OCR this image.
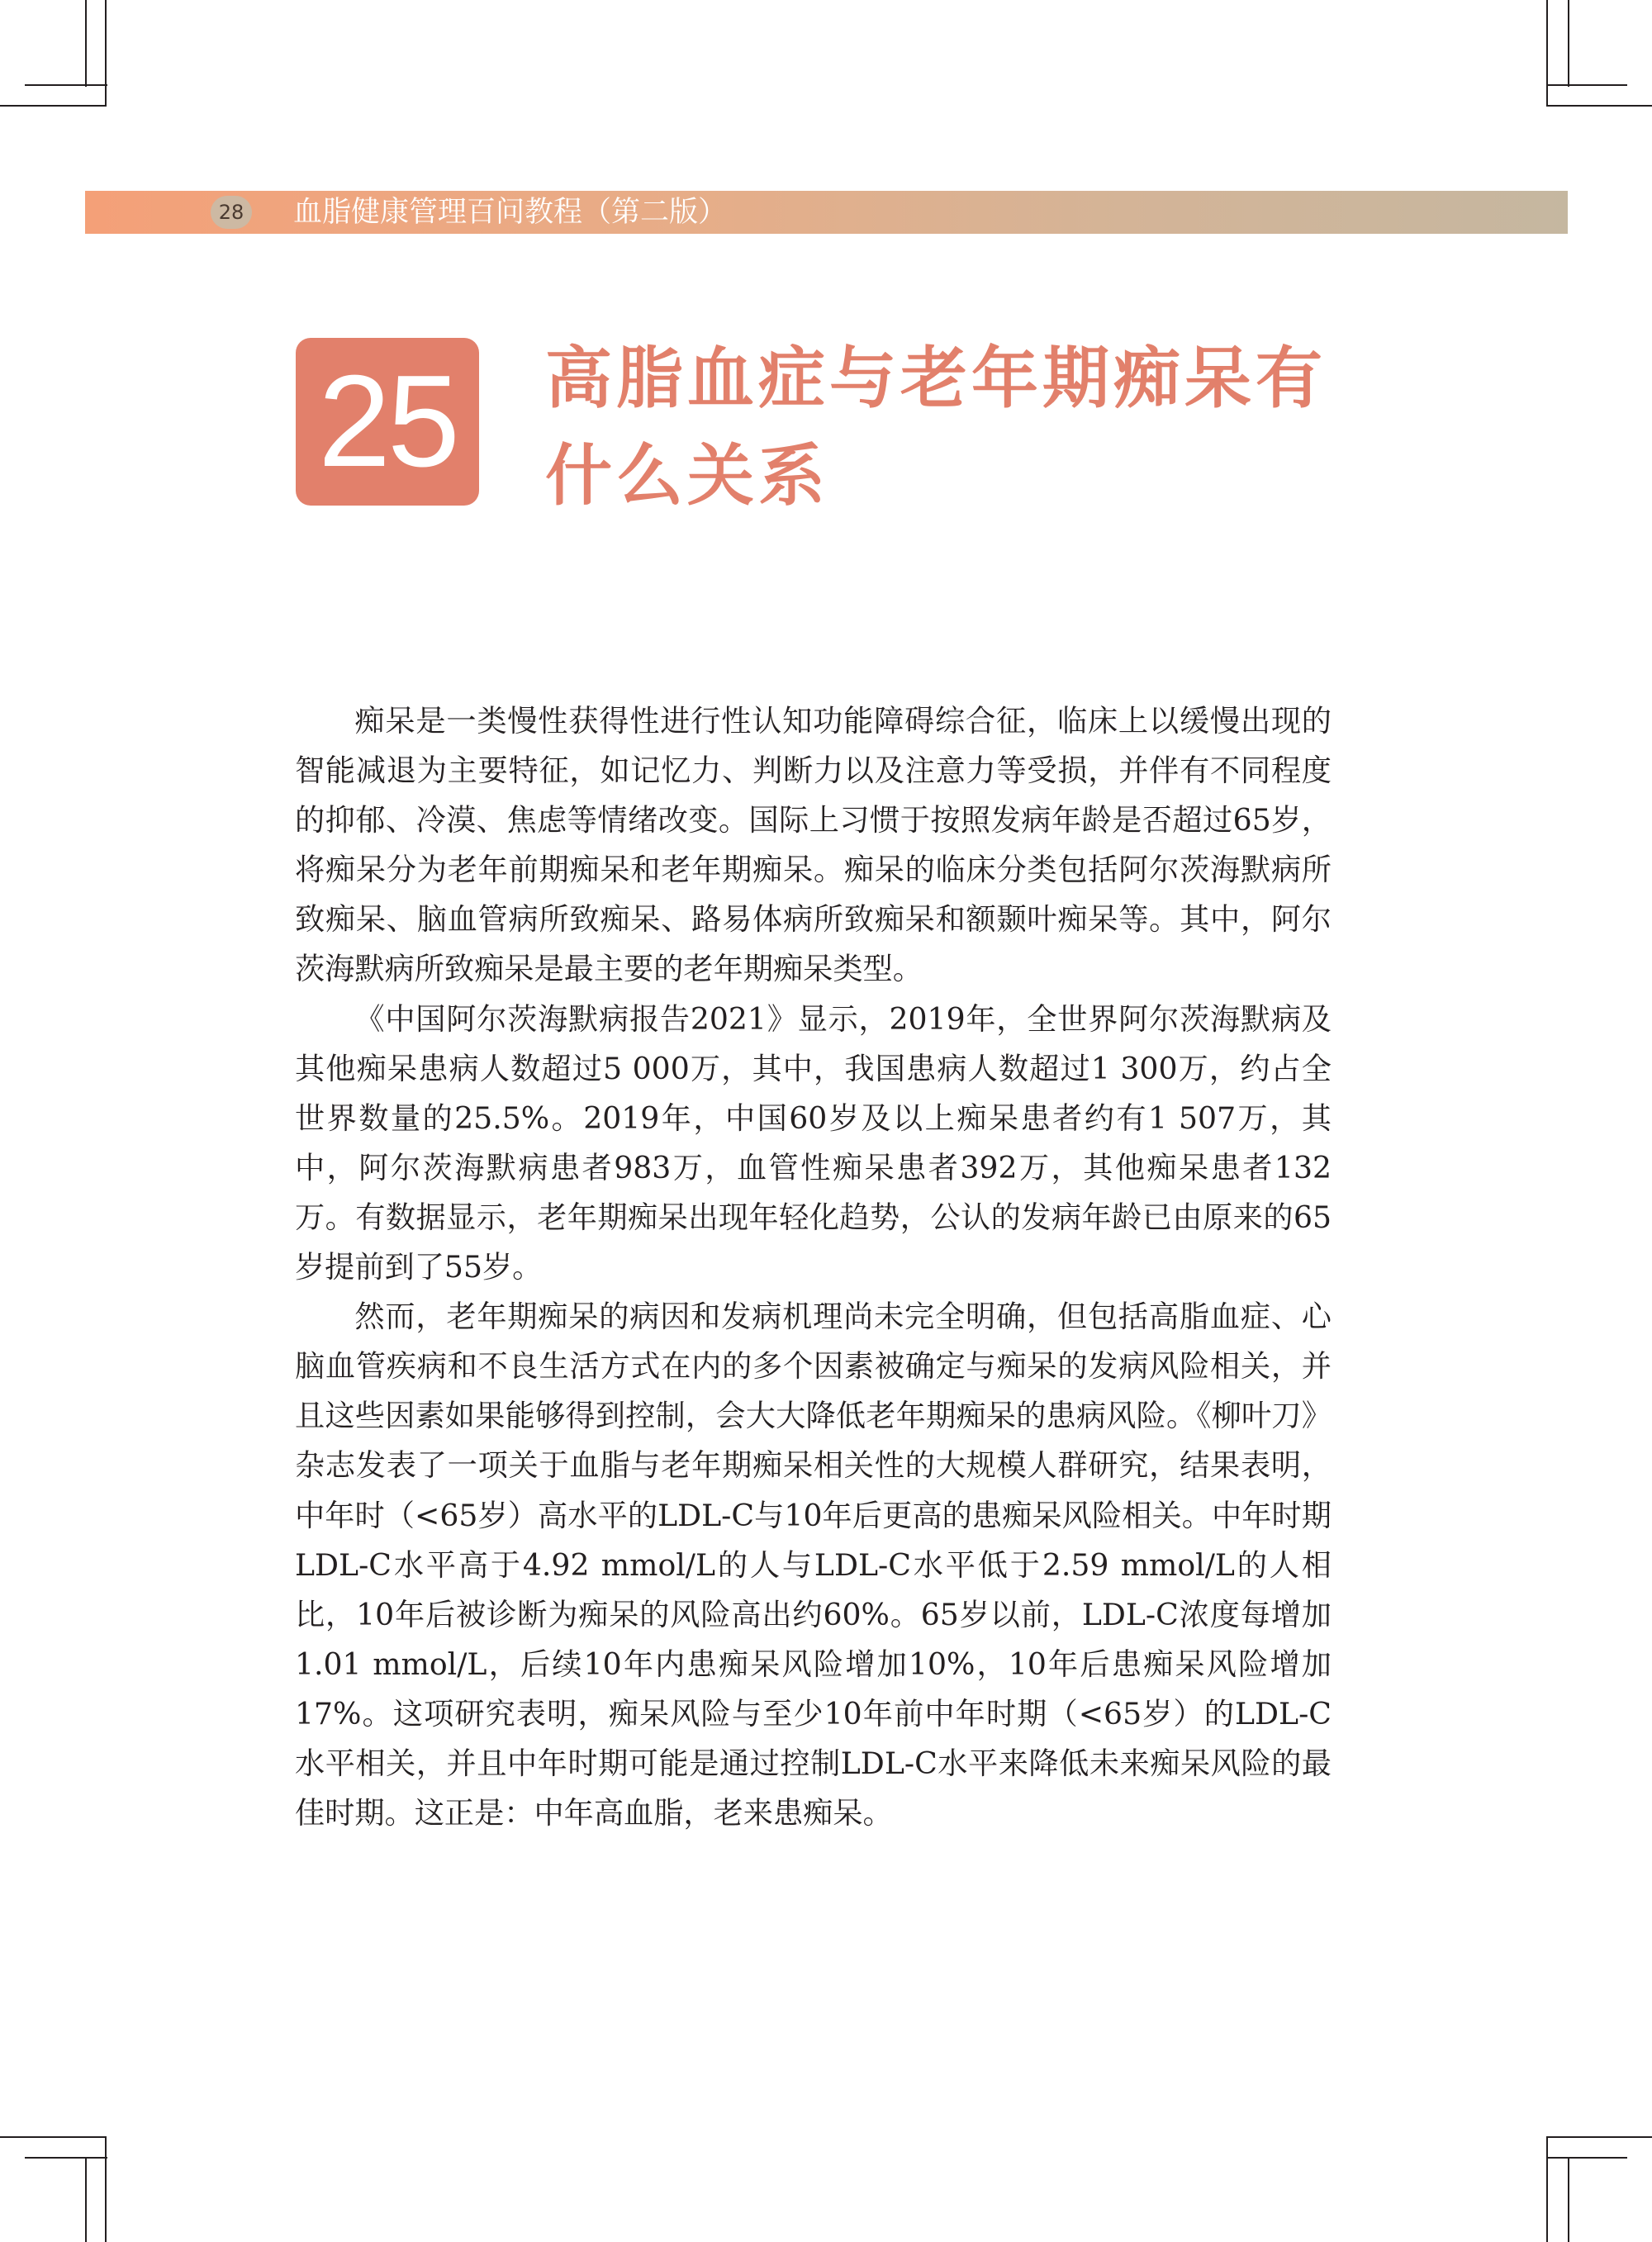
28 血脂健康管理百问教程（第二版）
25	高脂血症与老年期痴呆有什么关系

痴呆是一类慢性获得性进行性认知功能障碍综合征，临床上以缓慢出现的智能减退为主要特征，如记忆力、判断力以及注意力等受损，并伴有不同程度的抑郁、冷漠、焦虑等情绪改变。国际上习惯于按照发病年龄是否超过65岁，将痴呆分为老年前期痴呆和老年期痴呆。痴呆的临床分类包括阿尔茨海默病所致痴呆、脑血管病所致痴呆、路易体病所致痴呆和额颞叶痴呆等。其中，阿尔茨海默病所致痴呆是最主要的老年期痴呆类型。

《中国阿尔茨海默病报告2021》显示，2019年，全世界阿尔茨海默病及其他痴呆患病人数超过5 000万，其中，我国患病人数超过1 300万，约占全世界数量的25.5%。2019年，中国60岁及以上痴呆患者约有1 507万，其中，阿尔茨海默病患者983万，血管性痴呆患者392万，其他痴呆患者132万。有数据显示，老年期痴呆出现年轻化趋势，公认的发病年龄已由原来的65岁提前到了55岁。

然而，老年期痴呆的病因和发病机理尚未完全明确，但包括高脂血症、心脑血管疾病和不良生活方式在内的多个因素被确定与痴呆的发病风险相关，并且这些因素如果能够得到控制，会大大降低老年期痴呆的患病风险。《柳叶刀》杂志发表了一项关于血脂与老年期痴呆相关性的大规模人群研究，结果表明，中年时（<65岁）高水平的LDL-C与10年后更高的患痴呆风险相关。中年时期LDL-C水平高于4.92 mmol/L的人与LDL-C水平低于2.59 mmol/L的人相比，10年后被诊断为痴呆的风险高出约60%。65岁以前，LDL-C浓度每增加1.01 mmol/L，后续10年内患痴呆风险增加10%，10年后患痴呆风险增加17%。这项研究表明，痴呆风险与至少10年前中年时期（<65岁）的LDL-C水平相关，并且中年时期可能是通过控制LDL-C水平来降低未来痴呆风险的最佳时期。这正是：中年高血脂，老来患痴呆。
